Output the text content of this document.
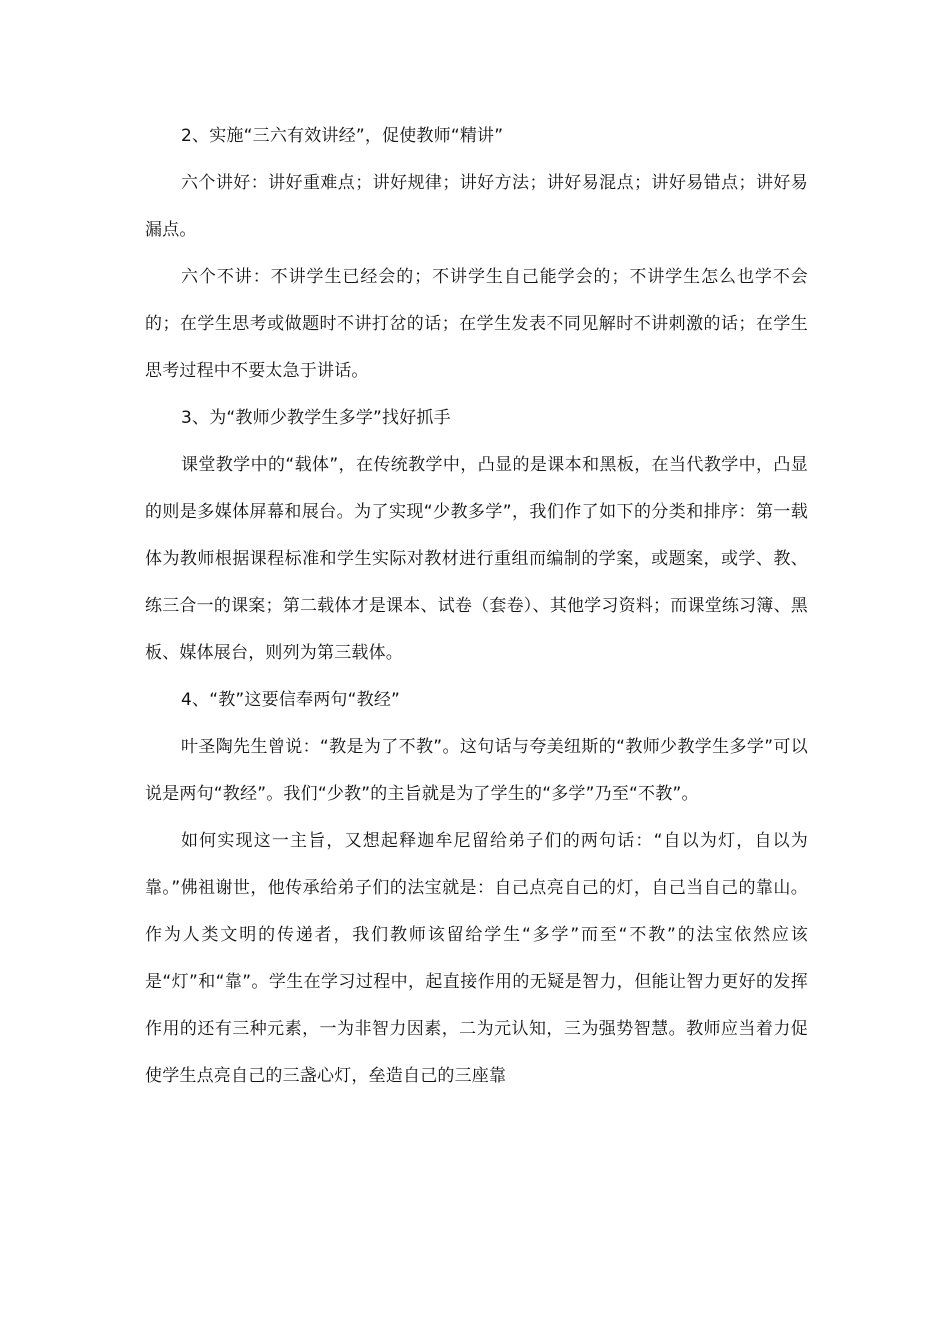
2、实施“三六有效讲经”，促使教师“精讲”

六个讲好：讲好重难点；讲好规律；讲好方法；讲好易混点；讲好易错点；讲好易漏点。

六个不讲：不讲学生已经会的；不讲学生自己能学会的；不讲学生怎么也学不会的；在学生思考或做题时不讲打岔的话；在学生发表不同见解时不讲刺激的话；在学生思考过程中不要太急于讲话。

3、为“教师少教学生多学”找好抓手

课堂教学中的“载体”，在传统教学中，凸显的是课本和黑板，在当代教学中，凸显的则是多媒体屏幕和展台。为了实现“少教多学”，我们作了如下的分类和排序：第一载体为教师根据课程标准和学生实际对教材进行重组而编制的学案，或题案，或学、教、练三合一的课案；第二载体才是课本、试卷（套卷）、其他学习资料；而课堂练习簿、黑板、媒体展台，则列为第三载体。

4、“教”这要信奉两句“教经”

叶圣陶先生曾说：“教是为了不教”。这句话与夸美纽斯的“教师少教学生多学”可以说是两句“教经”。我们“少教”的主旨就是为了学生的“多学”乃至“不教”。

如何实现这一主旨，又想起释迦牟尼留给弟子们的两句话：“自以为灯，自以为靠。”佛祖谢世，他传承给弟子们的法宝就是：自己点亮自己的灯，自己当自己的靠山。作为人类文明的传递者，我们教师该留给学生“多学”而至“不教”的法宝依然应该是“灯”和“靠”。学生在学习过程中，起直接作用的无疑是智力，但能让智力更好的发挥作用的还有三种元素，一为非智力因素，二为元认知，三为强势智慧。教师应当着力促使学生点亮自己的三盏心灯，垒造自己的三座靠
